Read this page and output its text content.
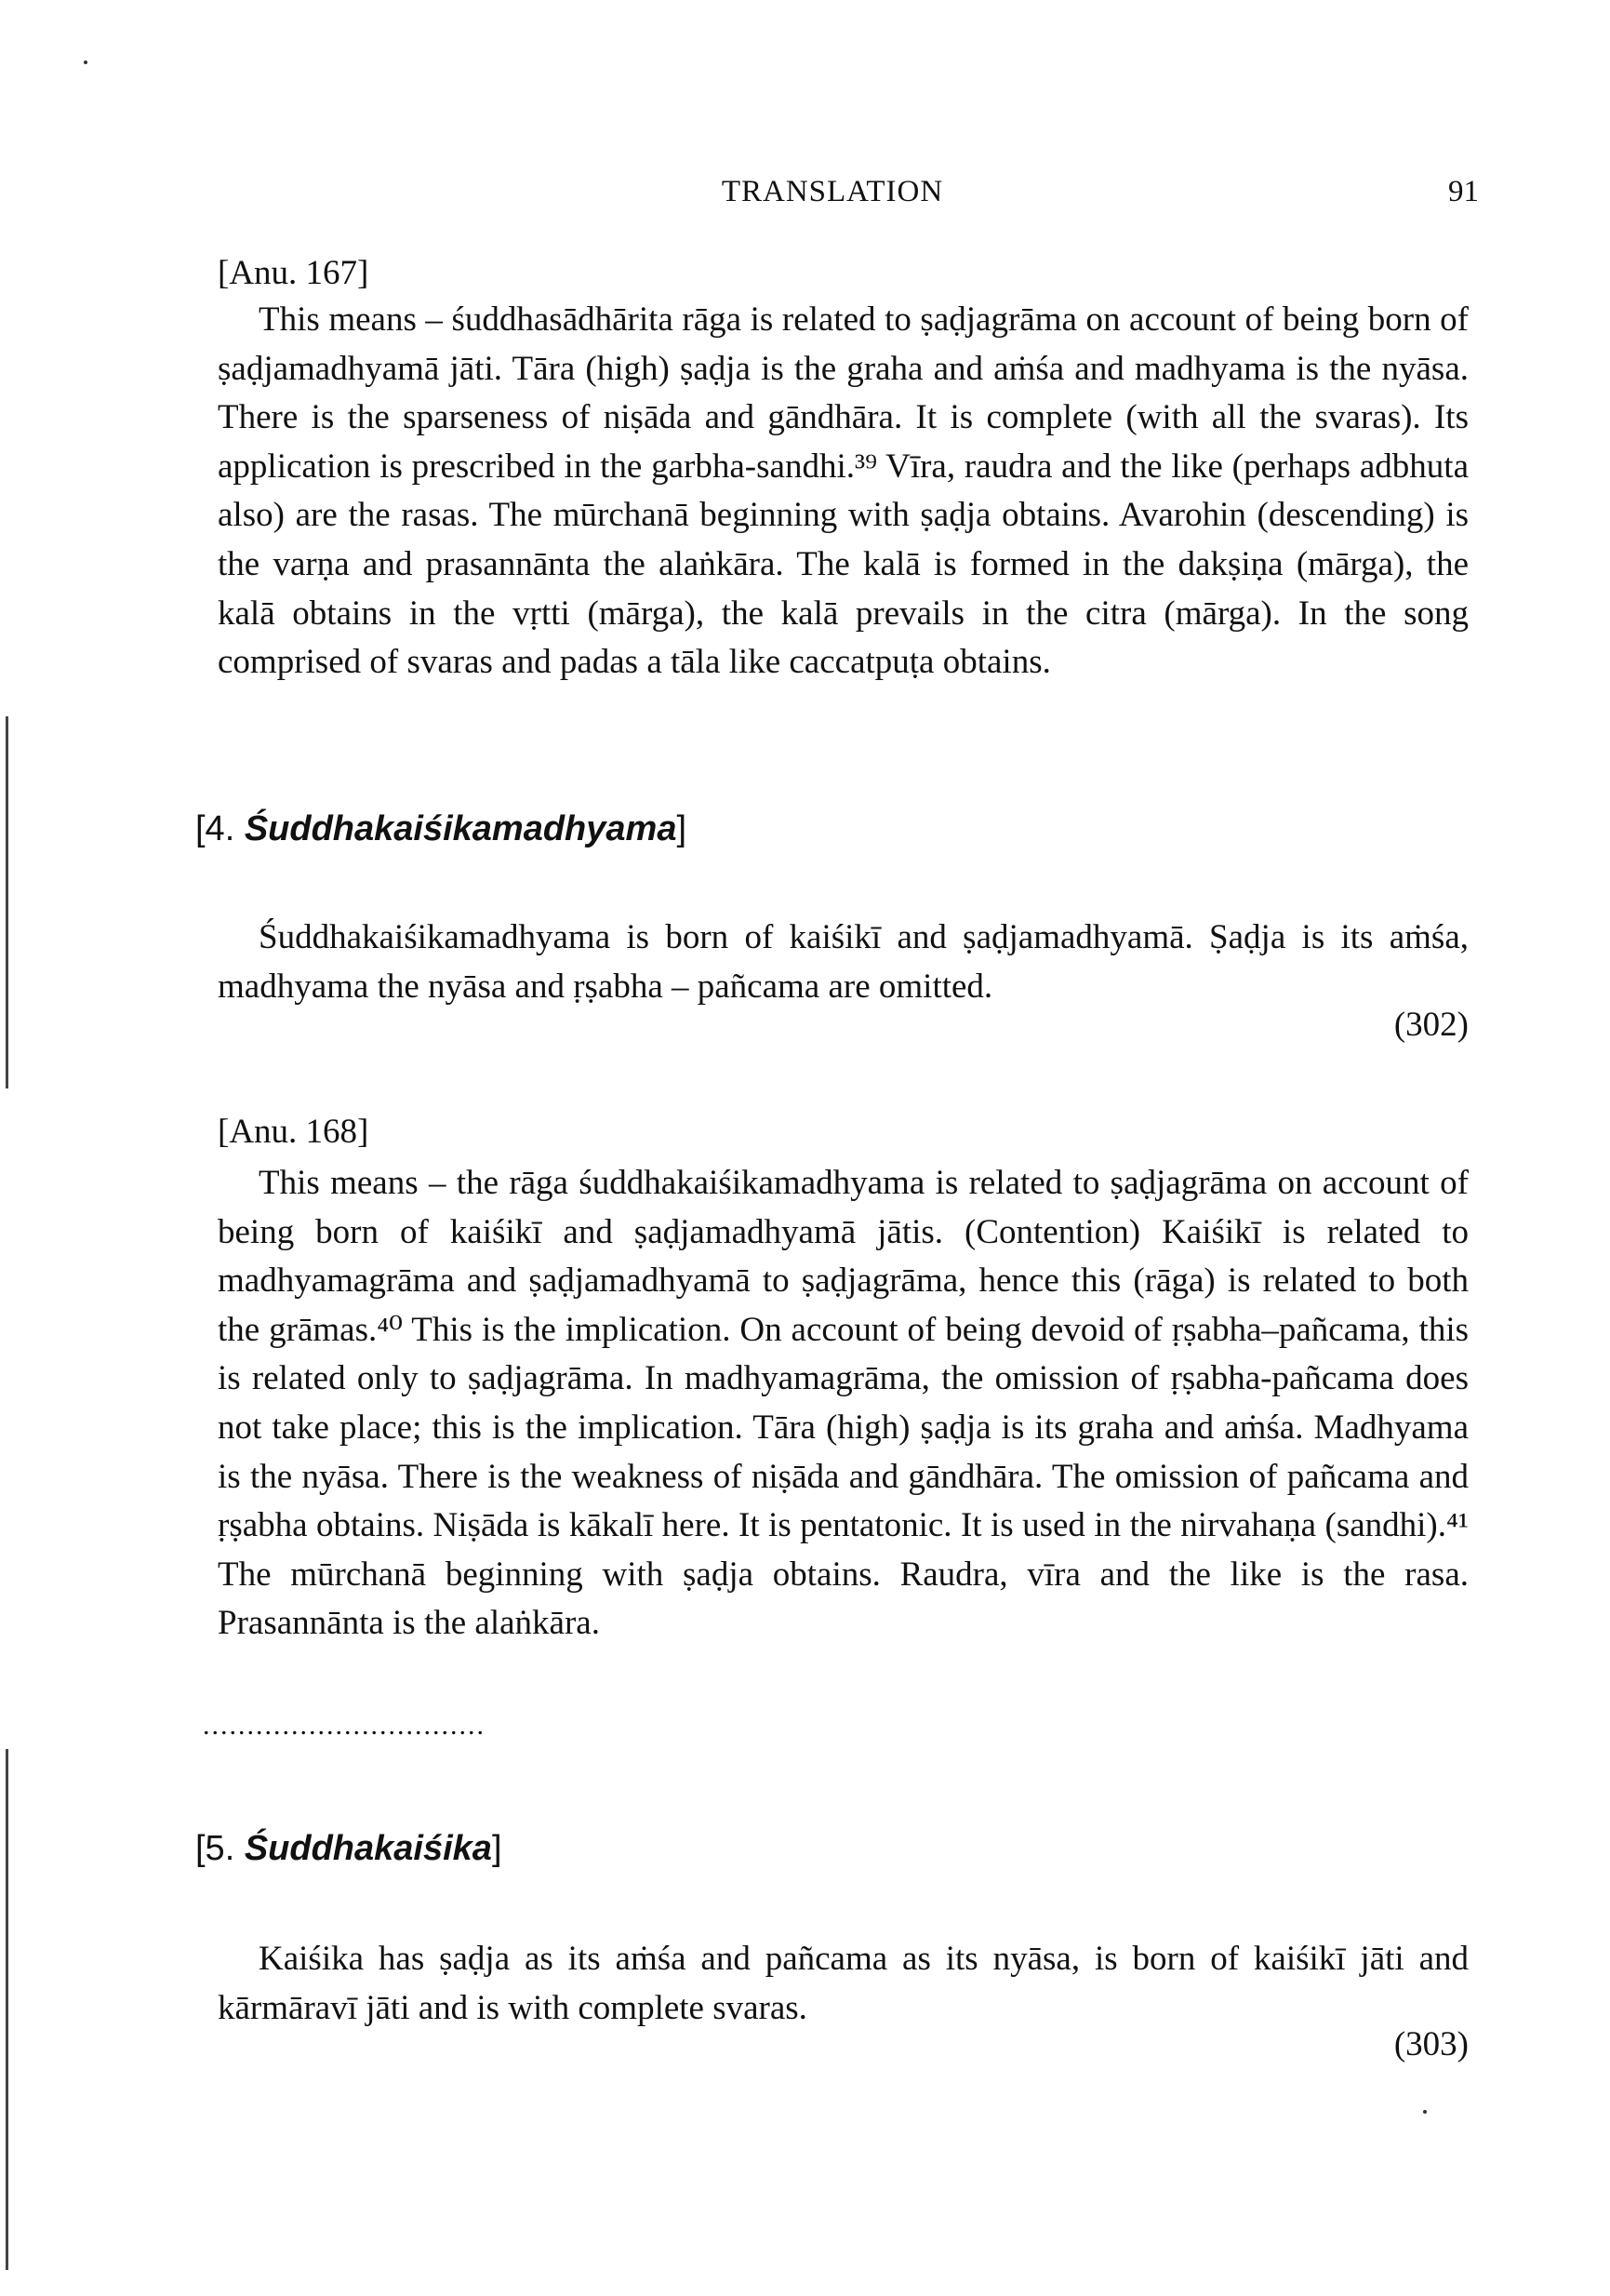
TRANSLATION	91
[Anu. 167]

This means – śuddhasādhārita rāga is related to ṣaḍjagrāma on account of being born of ṣaḍjamadhyamā jāti. Tāra (high) ṣaḍja is the graha and aṁśa and madhyama is the nyāsa. There is the sparseness of niṣāda and gāndhāra. It is complete (with all the svaras). Its application is prescribed in the garbha-sandhi.³⁹ Vīra, raudra and the like (perhaps adbhuta also) are the rasas. The mūrchanā beginning with ṣaḍja obtains. Avarohin (descending) is the varṇa and prasannānta the alaṅkāra. The kalā is formed in the dakṣiṇa (mārga), the kalā obtains in the vṛtti (mārga), the kalā prevails in the citra (mārga). In the song comprised of svaras and padas a tāla like caccatpuṭa obtains.

[4. Śuddhakaiśikamadhyama]

Śuddhakaiśikamadhyama is born of kaiśikī and ṣaḍjamadhyamā. Ṣaḍja is its aṁśa, madhyama the nyāsa and ṛṣabha – pañcama are omitted.

(302)
[Anu. 168]

This means – the rāga śuddhakaiśikamadhyama is related to ṣaḍjagrāma on account of being born of kaiśikī and ṣaḍjamadhyamā jātis. (Contention) Kaiśikī is related to madhyamagrāma and ṣaḍjamadhyamā to ṣaḍjagrāma, hence this (rāga) is related to both the grāmas.⁴⁰ This is the implication. On account of being devoid of ṛṣabha–pañcama, this is related only to ṣaḍjagrāma. In madhyamagrāma, the omission of ṛṣabha-pañcama does not take place; this is the implication. Tāra (high) ṣaḍja is its graha and aṁśa. Madhyama is the nyāsa. There is the weakness of niṣāda and gāndhāra. The omission of pañcama and ṛṣabha obtains. Niṣāda is kākalī here. It is pentatonic. It is used in the nirvahaṇa (sandhi).⁴¹ The mūrchanā beginning with ṣaḍja obtains. Raudra, vīra and the like is the rasa. Prasannānta is the alaṅkāra.

................................
[5. Śuddhakaiśika]

Kaiśika has ṣaḍja as its aṁśa and pañcama as its nyāsa, is born of kaiśikī jāti and kārmāravī jāti and is with complete svaras.

(303)
